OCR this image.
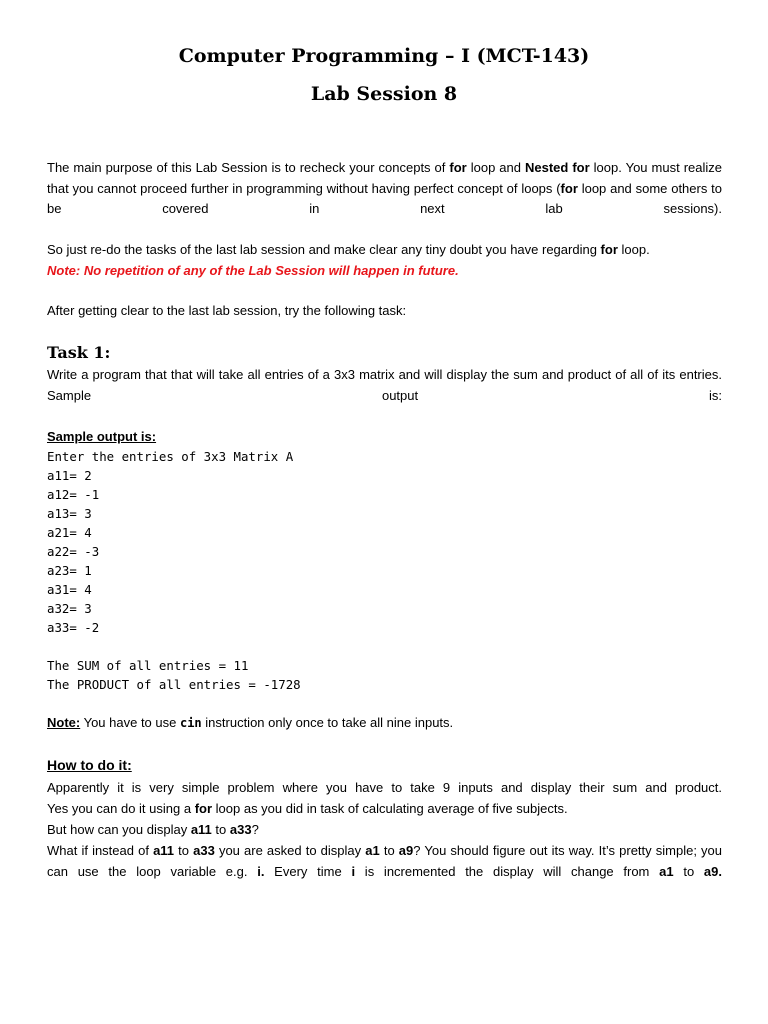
Computer Programming – I (MCT-143)
Lab Session 8
The main purpose of this Lab Session is to recheck your concepts of for loop and Nested for loop. You must realize that you cannot proceed further in programming without having perfect concept of loops (for loop and some others to be covered in next lab sessions).
So just re-do the tasks of the last lab session and make clear any tiny doubt you have regarding for loop.
Note: No repetition of any of the Lab Session will happen in future.
After getting clear to the last lab session, try the following task:
Task 1:
Write a program that that will take all entries of a 3x3 matrix and will display the sum and product of all of its entries. Sample output is:
Sample output is:
Enter the entries of 3x3 Matrix A
a11= 2
a12= -1
a13= 3
a21= 4
a22= -3
a23= 1
a31= 4
a32= 3
a33= -2
The SUM of all entries = 11
The PRODUCT of all entries = -1728
Note: You have to use cin instruction only once to take all nine inputs.
How to do it:
Apparently it is very simple problem where you have to take 9 inputs and display their sum and product.
Yes you can do it using a for loop as you did in task of calculating average of five subjects.
But how can you display a11 to a33?
What if instead of a11 to a33 you are asked to display a1 to a9? You should figure out its way. It’s pretty simple; you can use the loop variable e.g. i. Every time i is incremented the display will change from a1 to a9.
